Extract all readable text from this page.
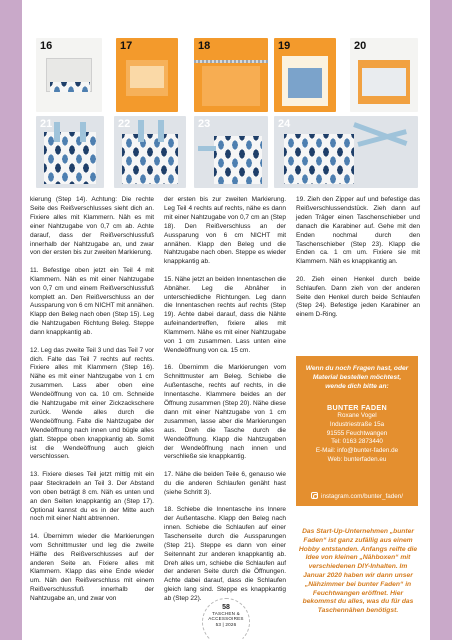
16	17	18	19	20
21	22	23	24

kierung (Step 14). Achtung: Die rechte Seite des Reißverschlusses sieht dich an. Fixiere alles mit Klammern. Näh es mit einer Nahtzugabe von 0,7 cm ab. Achte darauf, dass der Reißverschlussfuß innerhalb der Nahtzugabe an, und zwar von der ersten bis zur zweiten Markierung.

11. Befestige oben jetzt ein Teil 4 mit Klammern. Näh es mit einer Nahtzugabe von 0,7 cm und einem Reißverschlussfuß komplett an. Den Reißverschluss an der Aussparung von 6 cm NICHT mit annähen. Klapp den Beleg nach oben (Step 15). Leg die Nahtzugaben Richtung Beleg. Steppe dann knappkantig ab.

12. Leg das zweite Teil 3 und das Teil 7 vor dich. Falte das Teil 7 rechts auf rechts. Fixiere alles mit Klammern (Step 16). Nähe es mit einer Nahtzugabe von 1 cm zusammen. Lass aber oben eine Wendeöffnung von ca. 10 cm. Schneide die Nahtzugabe mit einer Zickzackschere zurück. Wende alles durch die Wendeöffnung. Falte die Nahtzugabe der Wendeöffnung nach innen und bügle alles glatt. Steppe oben knappkantig ab. Somit ist die Wendeöffnung auch gleich verschlossen.

13. Fixiere dieses Teil jetzt mittig mit ein paar Steckradeln an Teil 3. Der Abstand von oben beträgt 8 cm. Näh es unten und an den Seiten knappkantig an (Step 17). Optional kannst du es in der Mitte auch noch mit einer Naht abtrennen.

14. Übernimm wieder die Markierungen vom Schnittmuster und leg die zweite Hälfte des Reißverschlusses auf der anderen Seite an. Fixiere alles mit Klammern. Klapp das eine Ende wieder um. Näh den Reißverschluss mit einem Reißverschlussfuß innerhalb der Nahtzugabe an, und zwar von

der ersten bis zur zweiten Markierung. Leg Teil 4 rechts auf rechts, nähe es dann mit einer Nahtzugabe von 0,7 cm an (Step 18). Den Reißverschluss an der Aussparung von 6 cm NICHT mit annähen. Klapp den Beleg und die Nahtzugabe nach oben. Steppe es wieder knappkantig ab.

15. Nähe jetzt an beiden Innentaschen die Abnäher. Leg die Abnäher in unterschiedliche Richtungen. Leg dann die Innentaschen rechts auf rechts (Step 19). Achte dabei darauf, dass die Nähte aufeinandertreffen, fixiere alles mit Klammern. Nähe es mit einer Nahtzugabe von 1 cm zusammen. Lass unten eine Wendeöffnung von ca. 15 cm.

16. Übernimm die Markierungen vom Schnittmuster am Beleg. Schiebe die Außentasche, rechts auf rechts, in die Innentasche. Klammere beides an der Öffnung zusammen (Step 20). Nähe diese dann mit einer Nahtzugabe von 1 cm zusammen, lasse aber die Markierungen aus. Dreh die Tasche durch die Wendeöffnung. Klapp die Nahtzugaben der Wendeöffnung nach innen und verschließe sie knappkantig.

17. Nähe die beiden Teile 6, genauso wie du die anderen Schlaufen genäht hast (siehe Schritt 3).

18. Schiebe die Innentasche ins Innere der Außentasche. Klapp den Beleg nach innen. Schiebe die Schlaufen auf einer Taschenseite durch die Aussparungen (Step 21). Steppe es dann von einer Seitennaht zur anderen knappkantig ab. Dreh alles um, schiebe die Schlaufen auf der anderen Seite durch die Öffnungen. Achte dabei darauf, dass die Schlaufen gleich lang sind. Steppe es knappkantig ab (Step 22).

19. Zieh den Zipper auf und befestige das Reißverschlussendstück. Zieh dann auf jeden Träger einen Taschenschieber und danach die Karabiner auf. Gehe mit den Enden nochmal durch den Taschenschieber (Step 23). Klapp die Enden ca. 1 cm um. Fixiere sie mit Klammern. Näh es knappkantig an.

20. Zieh einen Henkel durch beide Schlaufen. Dann zieh von der anderen Seite den Henkel durch beide Schlaufen (Step 24). Befestige jeden Karabiner an einem D-Ring.

Wenn du noch Fragen hast, oder Material bestellen möchtest, wende dich bitte an:
BUNTER FADEN
Roxane Vogel
Industriestraße 15a
91555 Feuchtwangen
Tel: 0163 2873440
E-Mail: info@bunter-faden.de
Web: bunterfaden.eu
instagram.com/bunter_faden/
Das Start-Up-Unternehmen „bunter Faden“ ist ganz zufällig aus einem Hobby entstanden. Anfangs reifte die Idee von kleinen „Nähboxen“ mit verschiedenen DIY-Inhalten. Im Januar 2020 haben wir dann unser „Nähzimmer bei bunter Faden“ in Feuchtwangen eröffnet. Hier bekommst du alles, was du für das Taschennähen benötigst.
58
TASCHEN &
ACCESSOIRES
53 | 2026
